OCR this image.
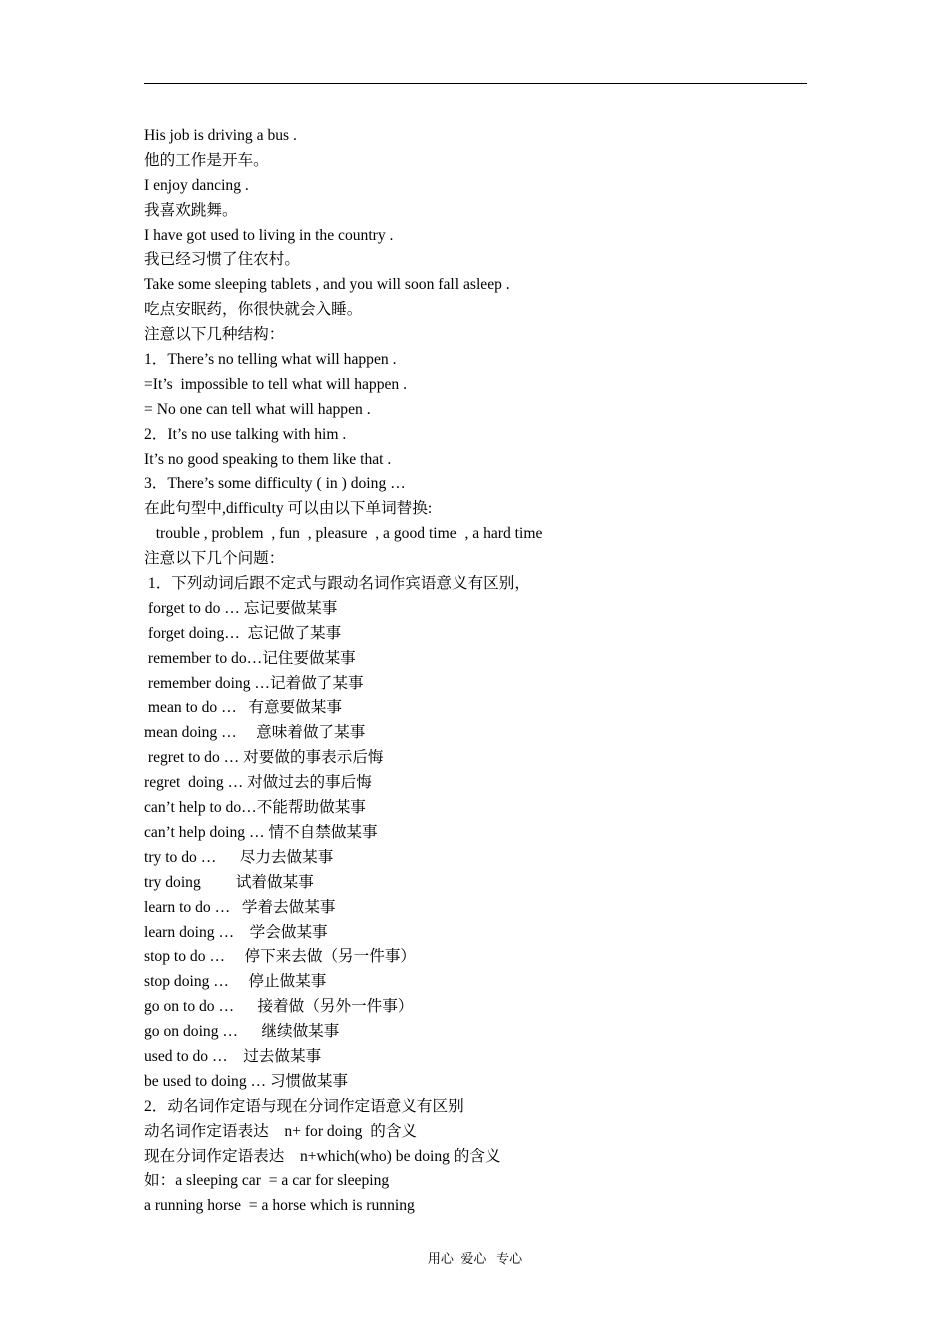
His job is driving a bus .
他的工作是开车。
I enjoy dancing .
我喜欢跳舞。
I have got used to living in the country .
我已经习惯了住农村。
Take some sleeping tablets , and you will soon fall asleep .
吃点安眠药，你很快就会入睡。
注意以下几种结构：
1．There’s no telling what will happen .
=It’s  impossible to tell what will happen .
= No one can tell what will happen .
2．It’s no use talking with him .
It’s no good speaking to them like that .
3．There’s some difficulty ( in ) doing …
在此句型中,difficulty 可以由以下单词替换:
trouble , problem  , fun  , pleasure  , a good time  , a hard time
注意以下几个问题：
1．下列动词后跟不定式与跟动名词作宾语意义有区别，
forget to do … 忘记要做某事
forget doing…  忘记做了某事
remember to do…记住要做某事
remember doing …记着做了某事
mean to do …   有意要做某事
mean doing …     意味着做了某事
regret to do … 对要做的事表示后悔
regret  doing … 对做过去的事后悔
can’t help to do…不能帮助做某事
can’t help doing … 情不自禁做某事
try to do …      尽力去做某事
try doing         试着做某事
learn to do …   学着去做某事
learn doing …    学会做某事
stop to do …     停下来去做（另一件事）
stop doing …     停止做某事
go on to do …      接着做（另外一件事）
go on doing …      继续做某事
used to do …    过去做某事
be used to doing … 习惯做某事
2．动名词作定语与现在分词作定语意义有区别
动名词作定语表达    n+ for doing  的含义
现在分词作定语表达    n+which(who) be doing 的含义
如：a sleeping car  = a car for sleeping
a running horse  = a horse which is running
用心  爱心   专心
